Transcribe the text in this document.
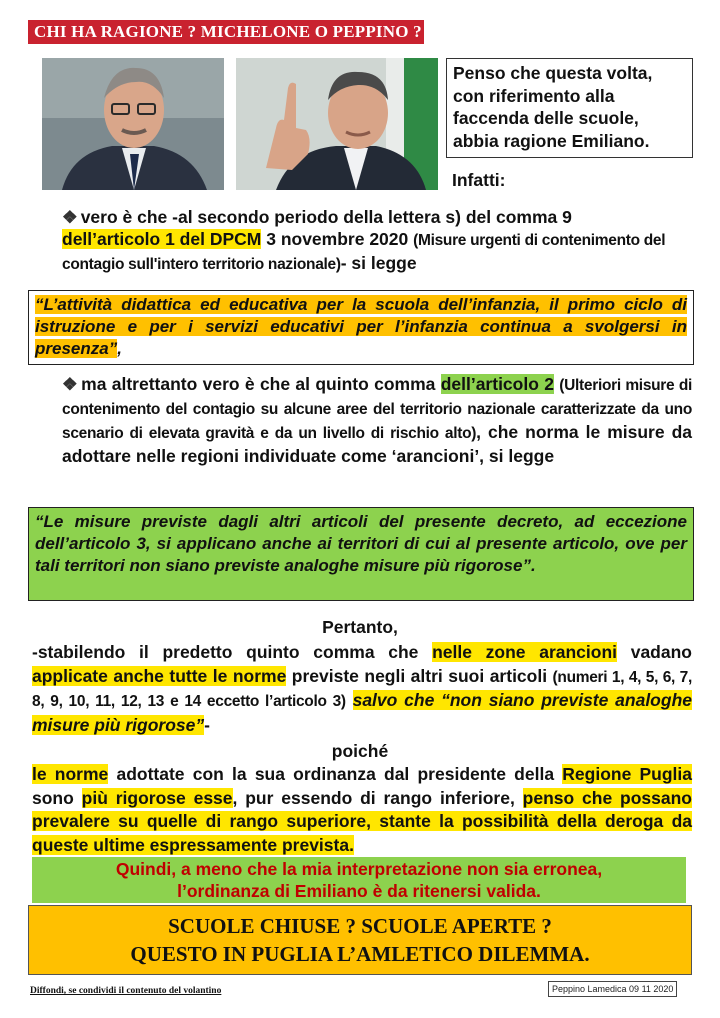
CHI HA RAGIONE ? MICHELONE O PEPPINO ?
Penso che questa volta, con riferimento alla faccenda delle scuole, abbia ragione Emiliano.
Infatti:
❖ vero è che -al secondo periodo della lettera s) del comma 9
dell’articolo 1 del DPCM 3 novembre 2020 (Misure urgenti di contenimento del contagio sull'intero territorio nazionale)- si legge
“L’attività didattica ed educativa per la scuola dell’infanzia, il primo ciclo di istruzione e per i servizi educativi per l’infanzia continua a svolgersi in presenza”,
❖ ma altrettanto vero è che al quinto comma dell’articolo 2 (Ulteriori misure di contenimento del contagio su alcune aree del territorio nazionale caratterizzate da uno scenario di elevata gravità e da un livello di rischio alto), che norma le misure da adottare nelle regioni individuate come ‘arancioni’, si legge
“Le misure previste dagli altri articoli del presente decreto, ad eccezione dell’articolo 3, si applicano anche ai territori di cui al presente articolo, ove per tali territori non siano previste analoghe misure più rigorose”.
Pertanto,
-stabilendo il predetto quinto comma che nelle zone arancioni vadano applicate anche tutte le norme previste negli altri suoi articoli (numeri 1, 4, 5, 6, 7, 8, 9, 10, 11, 12, 13 e 14 eccetto l’articolo 3) salvo che “non siano previste analoghe misure più rigorose”-
poiché
le norme adottate con la sua ordinanza dal presidente della Regione Puglia sono più rigorose esse, pur essendo di rango inferiore, penso che possano prevalere su quelle di rango superiore, stante la possibilità della deroga da queste ultime espressamente prevista.
Quindi, a meno che la mia interpretazione non sia erronea,
l’ordinanza di Emiliano è da ritenersi valida.
SCUOLE CHIUSE ? SCUOLE APERTE ?
QUESTO IN PUGLIA L’AMLETICO DILEMMA.
Diffondi, se condividi il contenuto del volantino	Peppino Lamedica 09 11 2020
